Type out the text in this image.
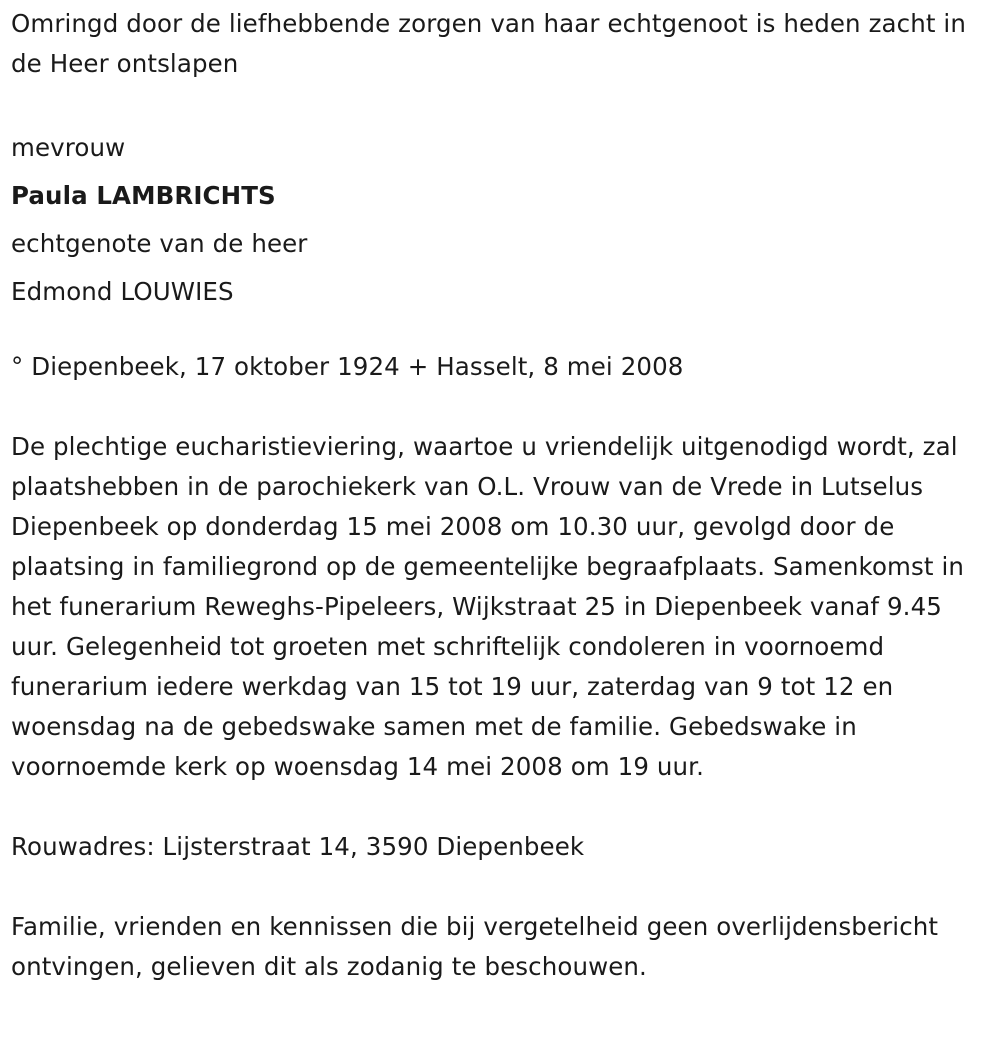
Omringd door de liefhebbende zorgen van haar echtgenoot is heden zacht in de Heer ontslapen

mevrouw

Paula LAMBRICHTS

echtgenote van de heer

Edmond LOUWIES

° Diepenbeek, 17 oktober 1924 + Hasselt, 8 mei 2008

De plechtige eucharistieviering, waartoe u vriendelijk uitgenodigd wordt, zal plaatshebben in de parochiekerk van O.L. Vrouw van de Vrede in Lutselus Diepenbeek op donderdag 15 mei 2008 om 10.30 uur, gevolgd door de plaatsing in familiegrond op de gemeentelijke begraafplaats. Samenkomst in het funerarium Reweghs-Pipeleers, Wijkstraat 25 in Diepenbeek vanaf 9.45 uur. Gelegenheid tot groeten met schriftelijk condoleren in voornoemd funerarium iedere werkdag van 15 tot 19 uur, zaterdag van 9 tot 12 en woensdag na de gebedswake samen met de familie. Gebedswake in voornoemde kerk op woensdag 14 mei 2008 om 19 uur.

Rouwadres: Lijsterstraat 14, 3590 Diepenbeek

Familie, vrienden en kennissen die bij vergetelheid geen overlijdensbericht ontvingen, gelieven dit als zodanig te beschouwen.
